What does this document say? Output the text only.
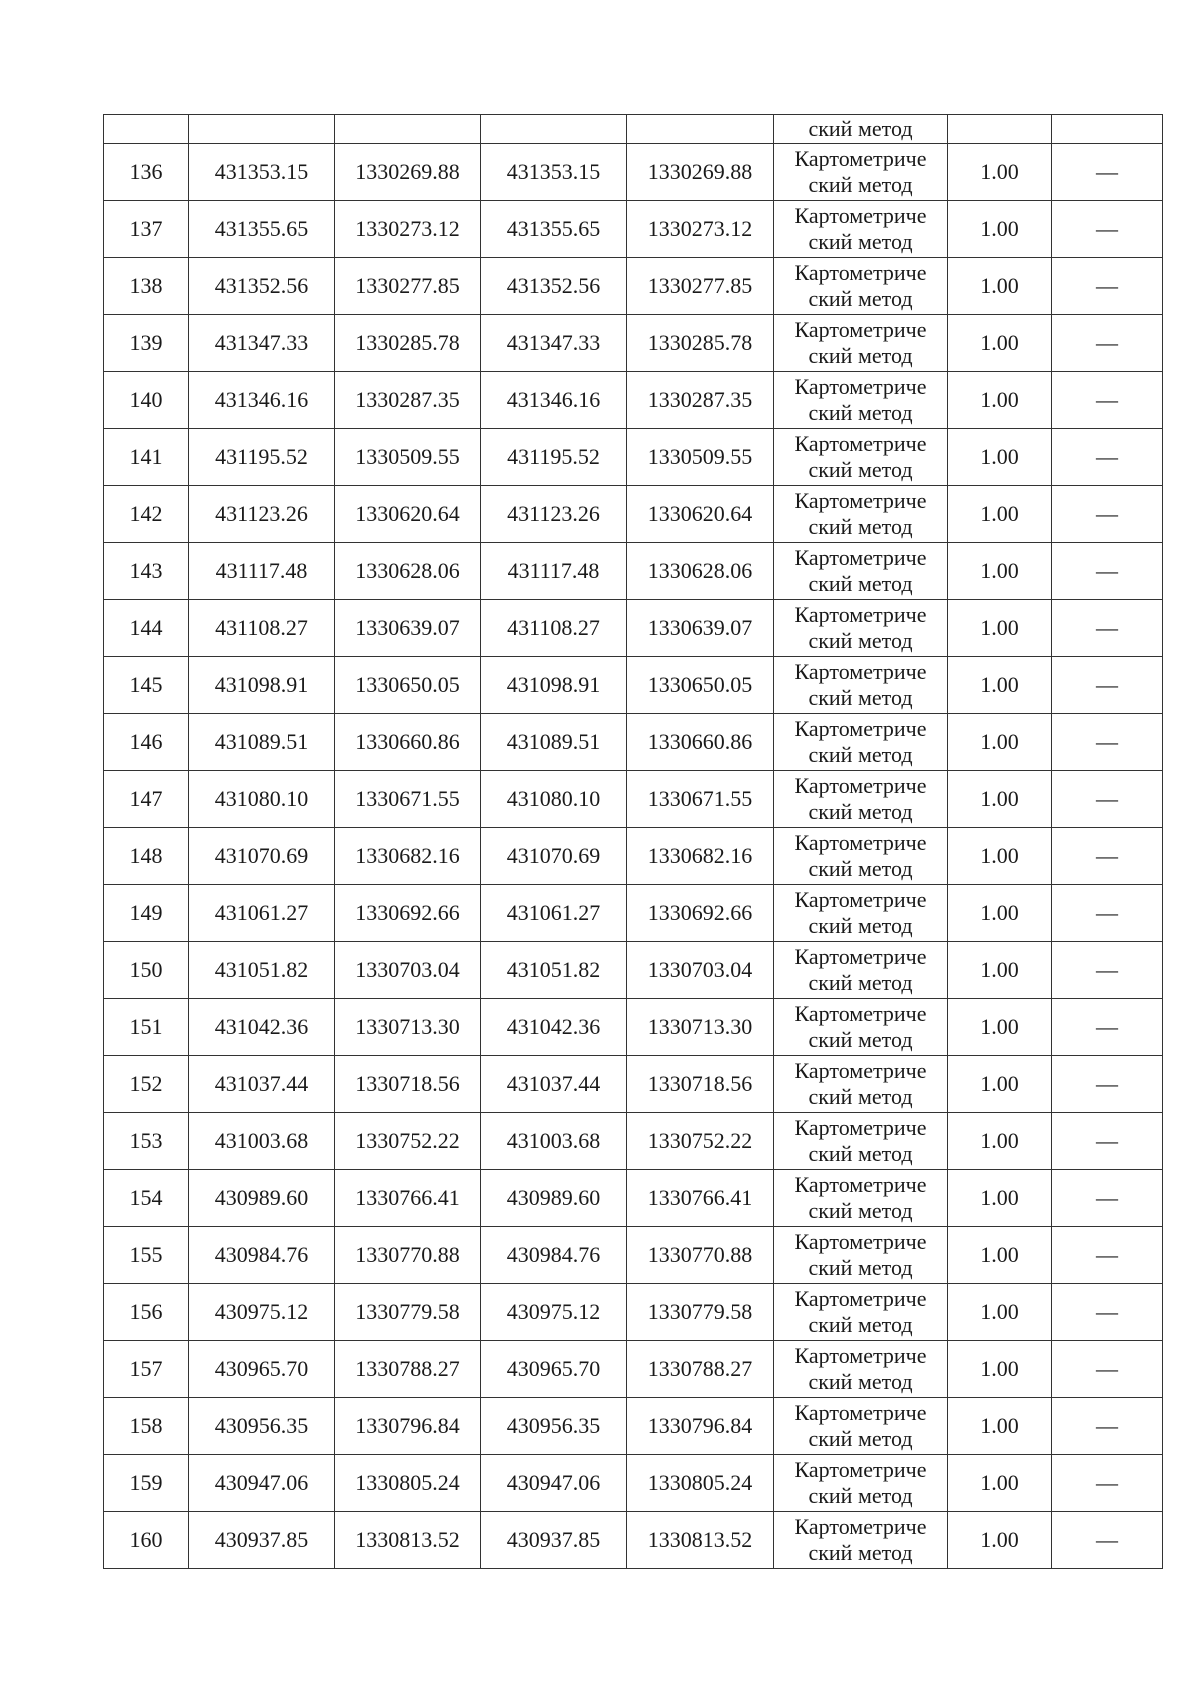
					ский метод		

136	431353.15	1330269.88	431353.15	1330269.88	Картометриче
ский метод	1.00	—
137	431355.65	1330273.12	431355.65	1330273.12	Картометриче
ский метод	1.00	—
138	431352.56	1330277.85	431352.56	1330277.85	Картометриче
ский метод	1.00	—
139	431347.33	1330285.78	431347.33	1330285.78	Картометриче
ский метод	1.00	—
140	431346.16	1330287.35	431346.16	1330287.35	Картометриче
ский метод	1.00	—
141	431195.52	1330509.55	431195.52	1330509.55	Картометриче
ский метод	1.00	—
142	431123.26	1330620.64	431123.26	1330620.64	Картометриче
ский метод	1.00	—
143	431117.48	1330628.06	431117.48	1330628.06	Картометриче
ский метод	1.00	—
144	431108.27	1330639.07	431108.27	1330639.07	Картометриче
ский метод	1.00	—
145	431098.91	1330650.05	431098.91	1330650.05	Картометриче
ский метод	1.00	—
146	431089.51	1330660.86	431089.51	1330660.86	Картометриче
ский метод	1.00	—
147	431080.10	1330671.55	431080.10	1330671.55	Картометриче
ский метод	1.00	—
148	431070.69	1330682.16	431070.69	1330682.16	Картометриче
ский метод	1.00	—
149	431061.27	1330692.66	431061.27	1330692.66	Картометриче
ский метод	1.00	—
150	431051.82	1330703.04	431051.82	1330703.04	Картометриче
ский метод	1.00	—
151	431042.36	1330713.30	431042.36	1330713.30	Картометриче
ский метод	1.00	—
152	431037.44	1330718.56	431037.44	1330718.56	Картометриче
ский метод	1.00	—
153	431003.68	1330752.22	431003.68	1330752.22	Картометриче
ский метод	1.00	—
154	430989.60	1330766.41	430989.60	1330766.41	Картометриче
ский метод	1.00	—
155	430984.76	1330770.88	430984.76	1330770.88	Картометриче
ский метод	1.00	—
156	430975.12	1330779.58	430975.12	1330779.58	Картометриче
ский метод	1.00	—
157	430965.70	1330788.27	430965.70	1330788.27	Картометриче
ский метод	1.00	—
158	430956.35	1330796.84	430956.35	1330796.84	Картометриче
ский метод	1.00	—
159	430947.06	1330805.24	430947.06	1330805.24	Картометриче
ский метод	1.00	—
160	430937.85	1330813.52	430937.85	1330813.52	Картометриче
ский метод	1.00	—
